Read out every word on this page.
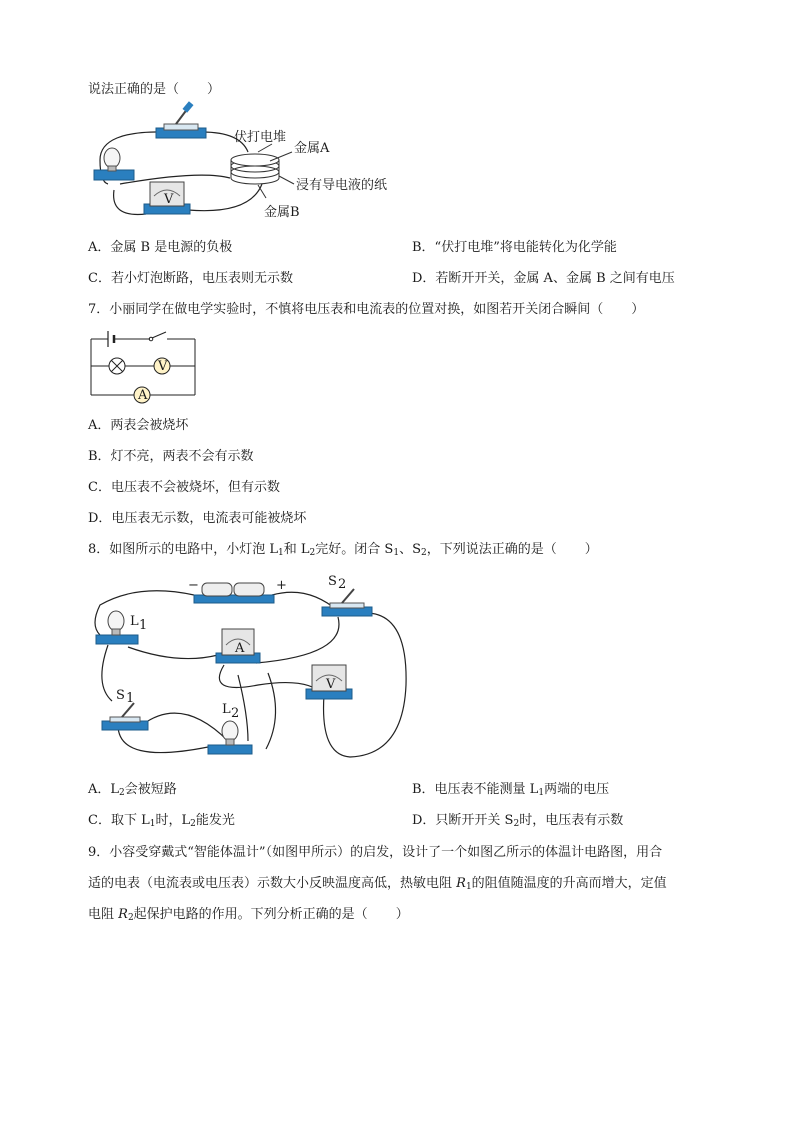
说法正确的是（ ）
V
伏打电堆
金属A
浸有导电液的纸
金属B
A．金属 B 是电源的负极	B．“伏打电堆”将电能转化为化学能
C．若小灯泡断路，电压表则无示数	D．若断开开关，金属 A、金属 B 之间有电压
7．小丽同学在做电学实验时，不慎将电压表和电流表的位置对换，如图若开关闭合瞬间（ ）
V
A
A．两表会被烧坏
B．灯不亮，两表不会有示数
C．电压表不会被烧坏，但有示数
D．电压表无示数，电流表可能被烧坏
8．如图所示的电路中，小灯泡 $L_1$和 $L_2$完好。闭合 $S_1$、$S_2$，下列说法正确的是（ ）
−	+	S 2
L 1
A
V
S 1
L 2
A．$L_2$会被短路	B．电压表不能测量 $L_1$两端的电压
C．取下 $L_1$时，$L_2$能发光	D．只断开开关 $S_2$时，电压表有示数
9．小容受穿戴式“智能体温计”（如图甲所示）的启发，设计了一个如图乙所示的体温计电路图，用合
适的电表（电流表或电压表）示数大小反映温度高低，热敏电阻 $R_1$的阻值随温度的升高而增大，定值
电阻 $R_2$起保护电路的作用。下列分析正确的是（ ）
